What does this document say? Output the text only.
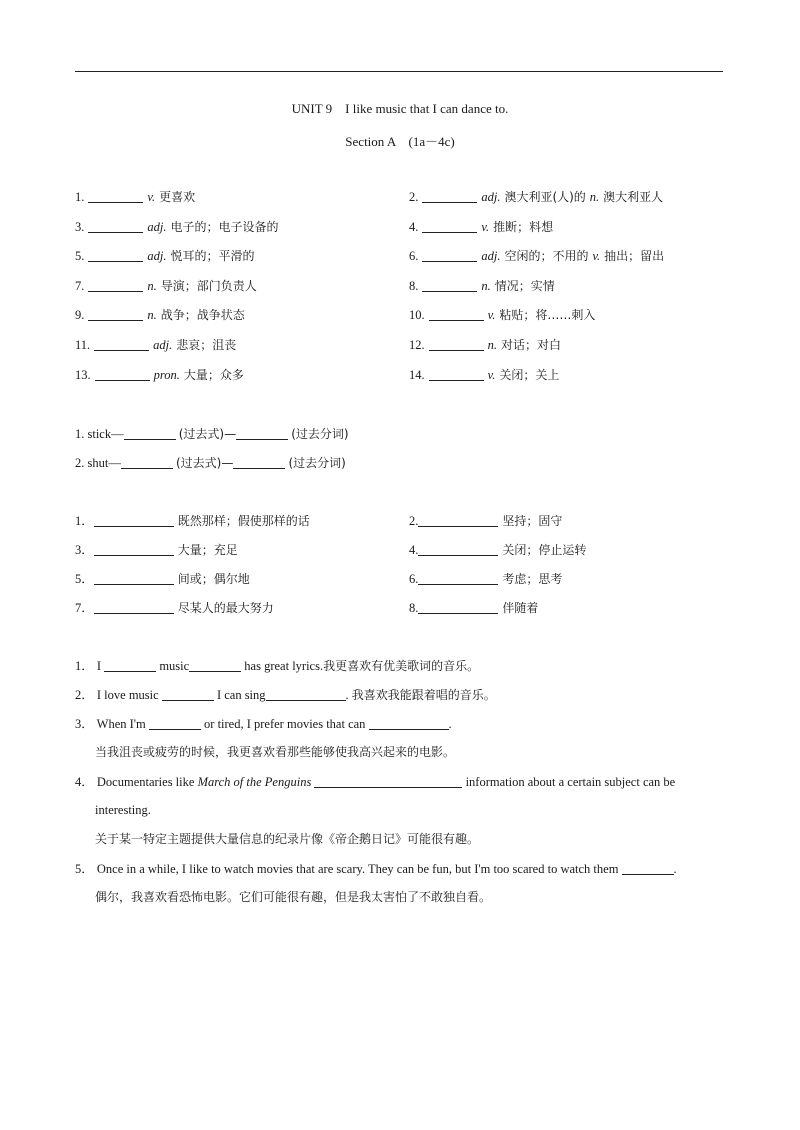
UNIT 9    I like music that I can dance to.
Section A    (1a－4c)
1.	v. 更喜欢	2.	adj. 澳大利亚(人)的 n. 澳大利亚人
3.	adj. 电子的；电子设备的	4.	v. 推断；料想
5.	adj. 悦耳的；平滑的	6.	adj. 空闲的；不用的 v. 抽出；留出
7.	n. 导演；部门负责人	8.	n. 情况；实情
9.	n. 战争；战争状态	10.	v. 粘贴；将……刺入
11.	adj. 悲哀；沮丧	12.	n. 对话；对白
13.	pron. 大量；众多	14.	v. 关闭；关上
1. stick—	(过去式)—	(过去分词)
2. shut—	(过去式)—	(过去分词)
1．	既然那样；假使那样的话	2.	坚持；固守
3．	大量；充足	4.	关闭；停止运转
5．	间或；偶尔地	6.	考虑；思考
7．	尽某人的最大努力	8.	伴随着
1． I	music	has great lyrics.我更喜欢有优美歌词的音乐。
2． I love music	I can sing	. 我喜欢我能跟着唱的音乐。
3． When I'm	or tired, I prefer movies that can	.
当我沮丧或疲劳的时候，我更喜欢看那些能够使我高兴起来的电影。
4． Documentaries like March of the Penguins	information about a certain subject can be
interesting.
关于某一特定主题提供大量信息的纪录片像《帝企鹅日记》可能很有趣。
5． Once in a while, I like to watch movies that are scary. They can be fun, but I'm too scared to watch them	.
偶尔，我喜欢看恐怖电影。它们可能很有趣，但是我太害怕了不敢独自看。
